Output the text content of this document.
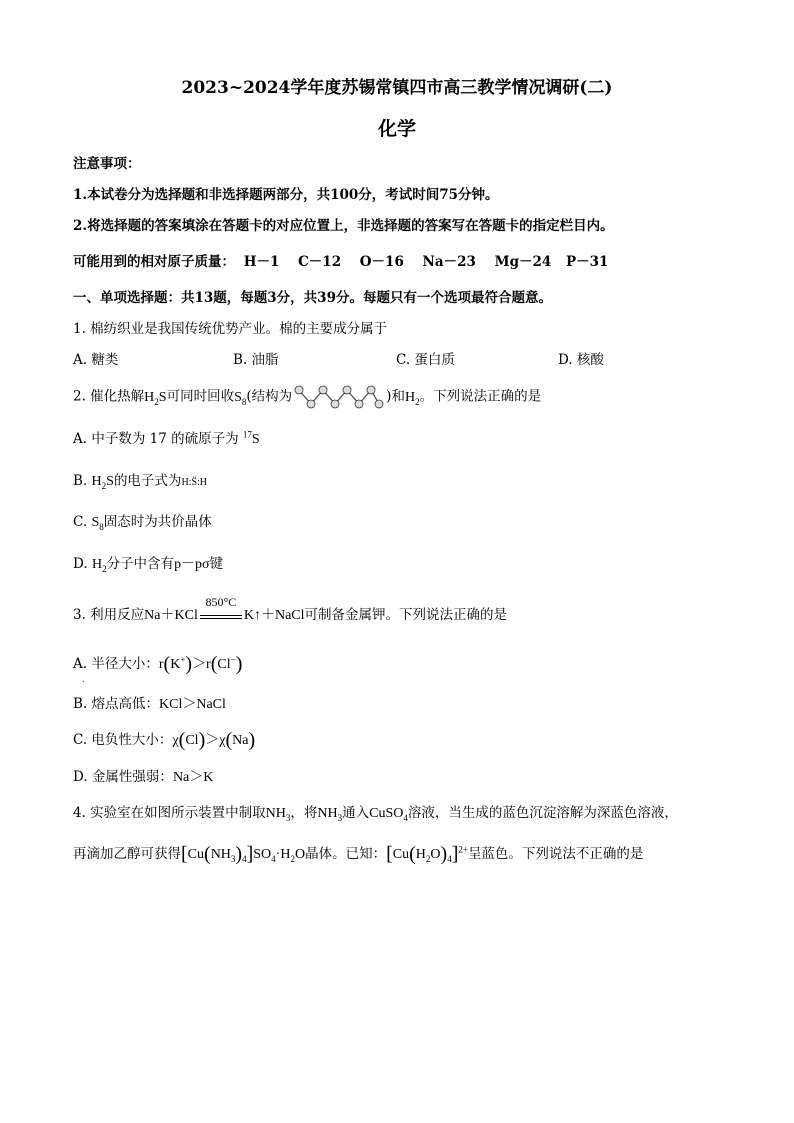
2023~2024学年度苏锡常镇四市高三教学情况调研(二)
化学
注意事项：
1.本试卷分为选择题和非选择题两部分，共100分，考试时间75分钟。
2.将选择题的答案填涂在答题卡的对应位置上，非选择题的答案写在答题卡的指定栏目内。
可能用到的相对原子质量： H－1 C－12 O－16 Na－23 Mg－24 P－31
一、单项选择题：共13题，每题3分，共39分。每题只有一个选项最符合题意。
1. 棉纺织业是我国传统优势产业。棉的主要成分属于
A. 糖类	B. 油脂	C. 蛋白质	D. 核酸
2. 催化热解$H_2S$可同时回收$S_8$(结构为	)和$H_2$。下列说法正确的是
A. 中子数为 17 的硫原子为 $^{17}$S
B. $H_2S$的电子式为H:S̈:H
C. $S_8$固态时为共价晶体
D. $H_2$分子中含有p－pσ键
3. 利用反应Na＋KCl
850°C
K↑＋NaCl可制备金属钾。下列说法正确的是
A. 半径大小：r(K+)＞r(Cl−)
.
B. 熔点高低：KCl＞NaCl
C. 电负性大小：χ(Cl)＞χ(Na)
D. 金属性强弱：Na＞K
4. 实验室在如图所示装置中制取$NH_3$，将$NH_3$通入CuSO$_4$溶液，当生成的蓝色沉淀溶解为深蓝色溶液，
再滴加乙醇可获得$[Cu(NH_3)_4]SO_4\cdot H_2O$晶体。已知：$[Cu(H_2O)_4]^{2+}$呈蓝色。下列说法不正确的是
